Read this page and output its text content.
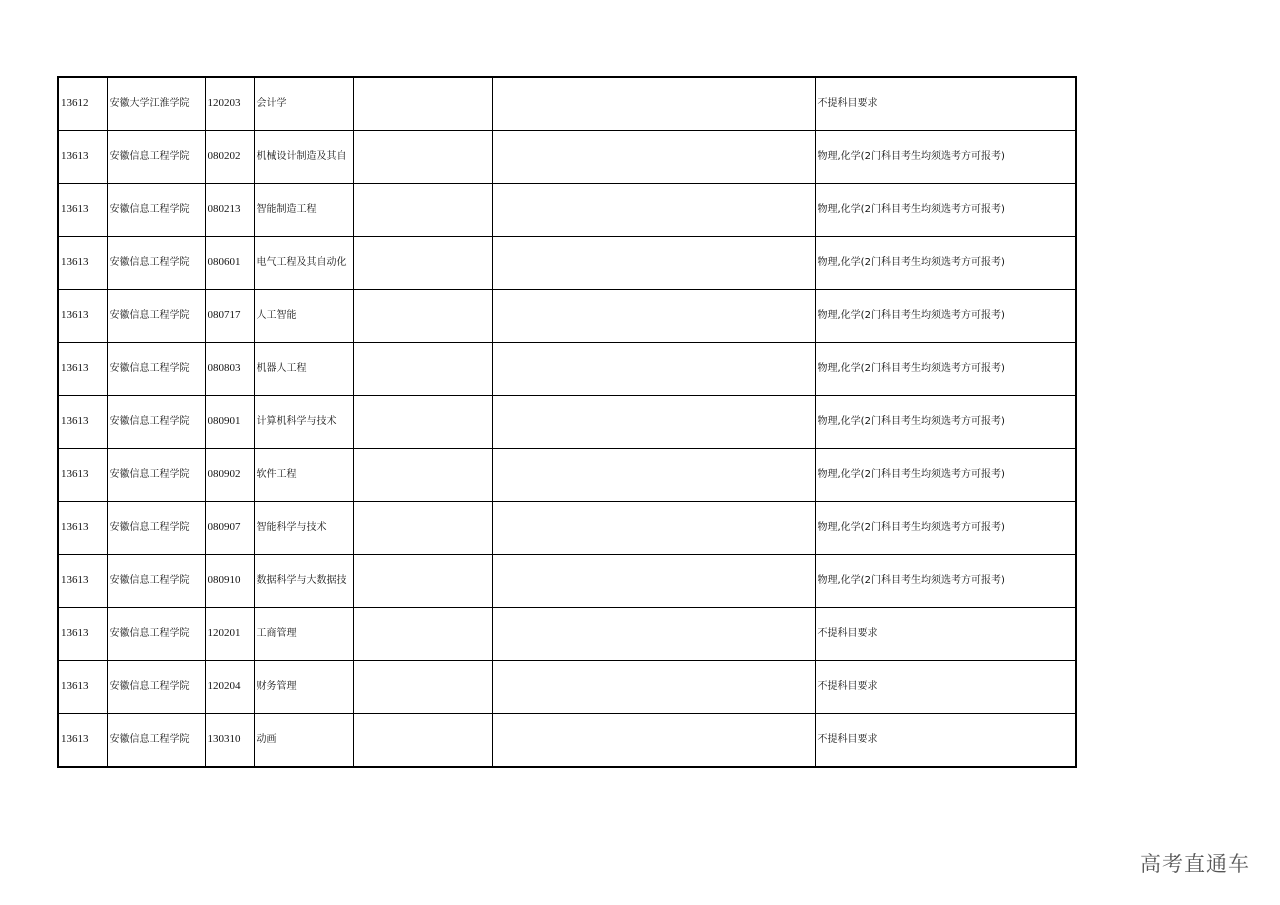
13612	安徽大学江淮学院	120203	会计学			不提科目要求
13613	安徽信息工程学院	080202	机械设计制造及其自			物理,化学(2门科目考生均须选考方可报考)
13613	安徽信息工程学院	080213	智能制造工程			物理,化学(2门科目考生均须选考方可报考)
13613	安徽信息工程学院	080601	电气工程及其自动化			物理,化学(2门科目考生均须选考方可报考)
13613	安徽信息工程学院	080717	人工智能			物理,化学(2门科目考生均须选考方可报考)
13613	安徽信息工程学院	080803	机器人工程			物理,化学(2门科目考生均须选考方可报考)
13613	安徽信息工程学院	080901	计算机科学与技术			物理,化学(2门科目考生均须选考方可报考)
13613	安徽信息工程学院	080902	软件工程			物理,化学(2门科目考生均须选考方可报考)
13613	安徽信息工程学院	080907	智能科学与技术			物理,化学(2门科目考生均须选考方可报考)
13613	安徽信息工程学院	080910	数据科学与大数据技			物理,化学(2门科目考生均须选考方可报考)
13613	安徽信息工程学院	120201	工商管理			不提科目要求
13613	安徽信息工程学院	120204	财务管理			不提科目要求
13613	安徽信息工程学院	130310	动画			不提科目要求
高考直通车
